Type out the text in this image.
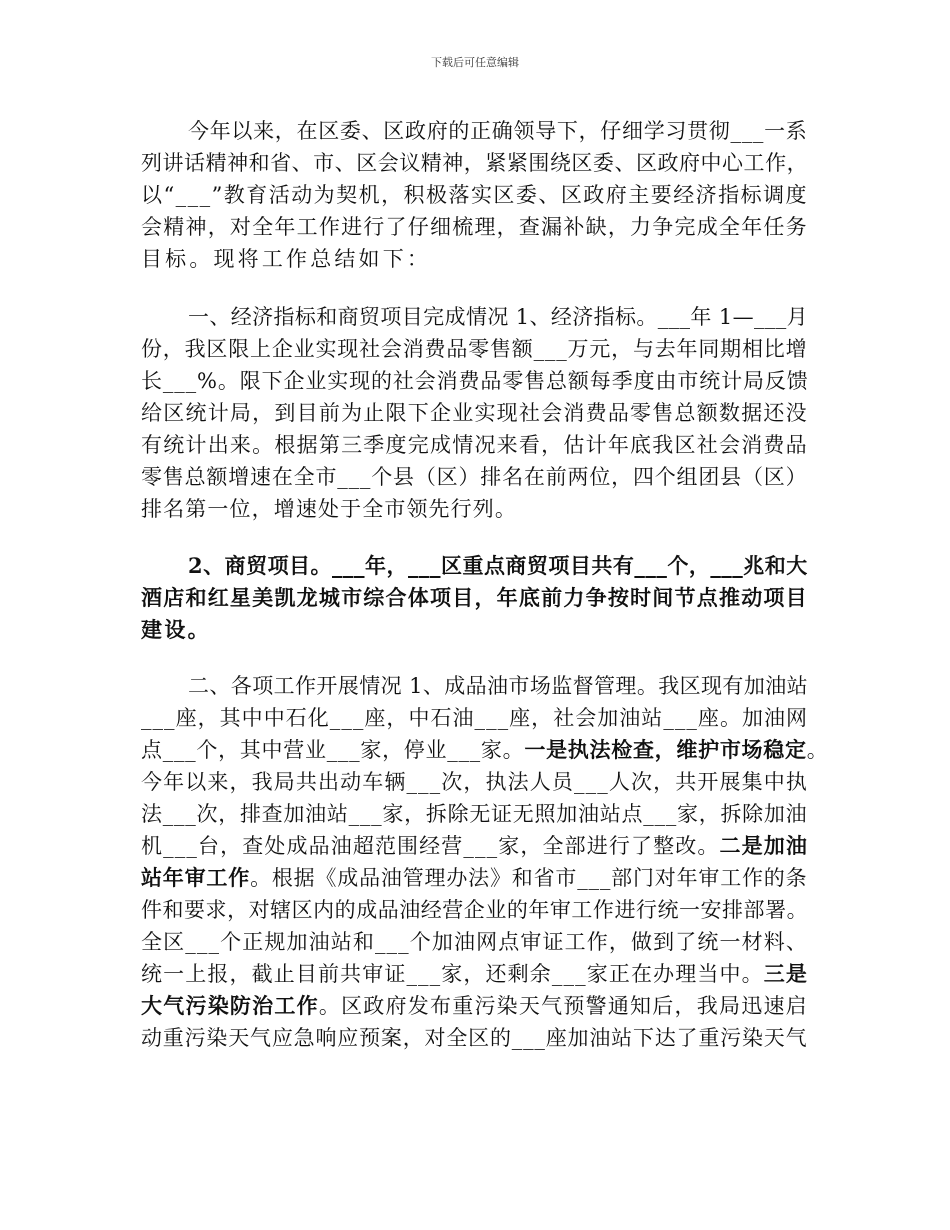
下载后可任意编辑
今年以来，在区委、区政府的正确领导下，仔细学习贯彻___一系
列讲话精神和省、市、区会议精神，紧紧围绕区委、区政府中心工作，
以“___”教育活动为契机，积极落实区委、区政府主要经济指标调度
会精神，对全年工作进行了仔细梳理，查漏补缺，力争完成全年任务
目标。现将工作总结如下：
一、经济指标和商贸项目完成情况 1、经济指标。___年 1—___月
份，我区限上企业实现社会消费品零售额___万元，与去年同期相比增
长___%。限下企业实现的社会消费品零售总额每季度由市统计局反馈
给区统计局，到目前为止限下企业实现社会消费品零售总额数据还没
有统计出来。根据第三季度完成情况来看，估计年底我区社会消费品
零售总额增速在全市___个县（区）排名在前两位，四个组团县（区）
排名第一位，增速处于全市领先行列。
2、商贸项目。___年，___区重点商贸项目共有___个，___兆和大
酒店和红星美凯龙城市综合体项目，年底前力争按时间节点推动项目
建设。
二、各项工作开展情况 1、成品油市场监督管理。我区现有加油站
___座，其中中石化___座，中石油___座，社会加油站___座。加油网
点___个，其中营业___家，停业___家。一是执法检查，维护市场稳定。
今年以来，我局共出动车辆___次，执法人员___人次，共开展集中执
法___次，排查加油站___家，拆除无证无照加油站点___家，拆除加油
机___台，查处成品油超范围经营___家，全部进行了整改。二是加油
站年审工作。根据《成品油管理办法》和省市___部门对年审工作的条
件和要求，对辖区内的成品油经营企业的年审工作进行统一安排部署。
全区___个正规加油站和___个加油网点审证工作，做到了统一材料、
统一上报，截止目前共审证___家，还剩余___家正在办理当中。三是
大气污染防治工作。区政府发布重污染天气预警通知后，我局迅速启
动重污染天气应急响应预案，对全区的___座加油站下达了重污染天气
